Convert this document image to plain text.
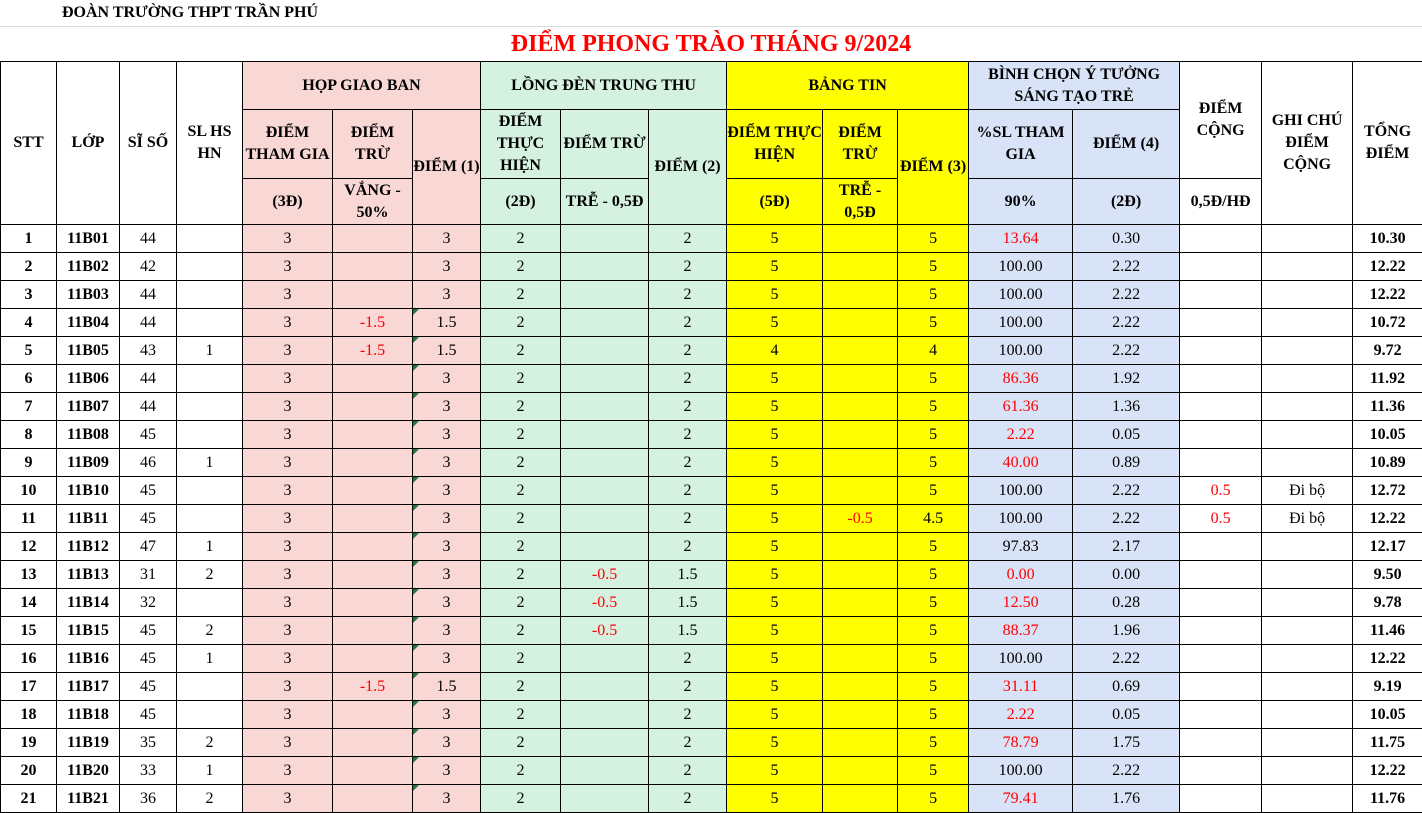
ĐOÀN TRƯỜNG THPT TRẦN PHÚ
ĐIỂM PHONG TRÀO THÁNG 9/2024
STT	LỚP	SĨ SỐ	SL HS HN	HỌP GIAO BAN			LỒNG ĐÈN TRUNG THU			BẢNG TIN			BÌNH CHỌN Ý TƯỞNG SÁNG TẠO TRẺ		ĐIỂM CỘNG	GHI CHÚ ĐIỂM CỘNG	TỔNG ĐIỂM
				ĐIỂM THAM GIA	ĐIỂM TRỪ	ĐIỂM (1)	ĐIỂM THỰC HIỆN	ĐIỂM TRỪ	ĐIỂM (2)	ĐIỂM THỰC HIỆN	ĐIỂM TRỪ	ĐIỂM (3)	%SL THAM GIA	ĐIỂM (4)			
				(3Đ)	VẮNG - 50%		(2Đ)	TRỄ - 0,5Đ		(5Đ)	TRỄ - 0,5Đ		90%	(2Đ)	0,5Đ/HĐ		
1	11B01	44		3		3	2		2	5		5	13.64	0.30			10.30
2	11B02	42		3		3	2		2	5		5	100.00	2.22			12.22
3	11B03	44		3		3	2		2	5		5	100.00	2.22			12.22
4	11B04	44		3	-1.5	1.5	2		2	5		5	100.00	2.22			10.72
5	11B05	43	1	3	-1.5	1.5	2		2	4		4	100.00	2.22			9.72
6	11B06	44		3		3	2		2	5		5	86.36	1.92			11.92
7	11B07	44		3		3	2		2	5		5	61.36	1.36			11.36
8	11B08	45		3		3	2		2	5		5	2.22	0.05			10.05
9	11B09	46	1	3		3	2		2	5		5	40.00	0.89			10.89
10	11B10	45		3		3	2		2	5		5	100.00	2.22	0.5	Đi bộ	12.72
11	11B11	45		3		3	2		2	5	-0.5	4.5	100.00	2.22	0.5	Đi bộ	12.22
12	11B12	47	1	3		3	2		2	5		5	97.83	2.17			12.17
13	11B13	31	2	3		3	2	-0.5	1.5	5		5	0.00	0.00			9.50
14	11B14	32		3		3	2	-0.5	1.5	5		5	12.50	0.28			9.78
15	11B15	45	2	3		3	2	-0.5	1.5	5		5	88.37	1.96			11.46
16	11B16	45	1	3		3	2		2	5		5	100.00	2.22			12.22
17	11B17	45		3	-1.5	1.5	2		2	5		5	31.11	0.69			9.19
18	11B18	45		3		3	2		2	5		5	2.22	0.05			10.05
19	11B19	35	2	3		3	2		2	5		5	78.79	1.75			11.75
20	11B20	33	1	3		3	2		2	5		5	100.00	2.22			12.22
21	11B21	36	2	3		3	2		2	5		5	79.41	1.76			11.76
